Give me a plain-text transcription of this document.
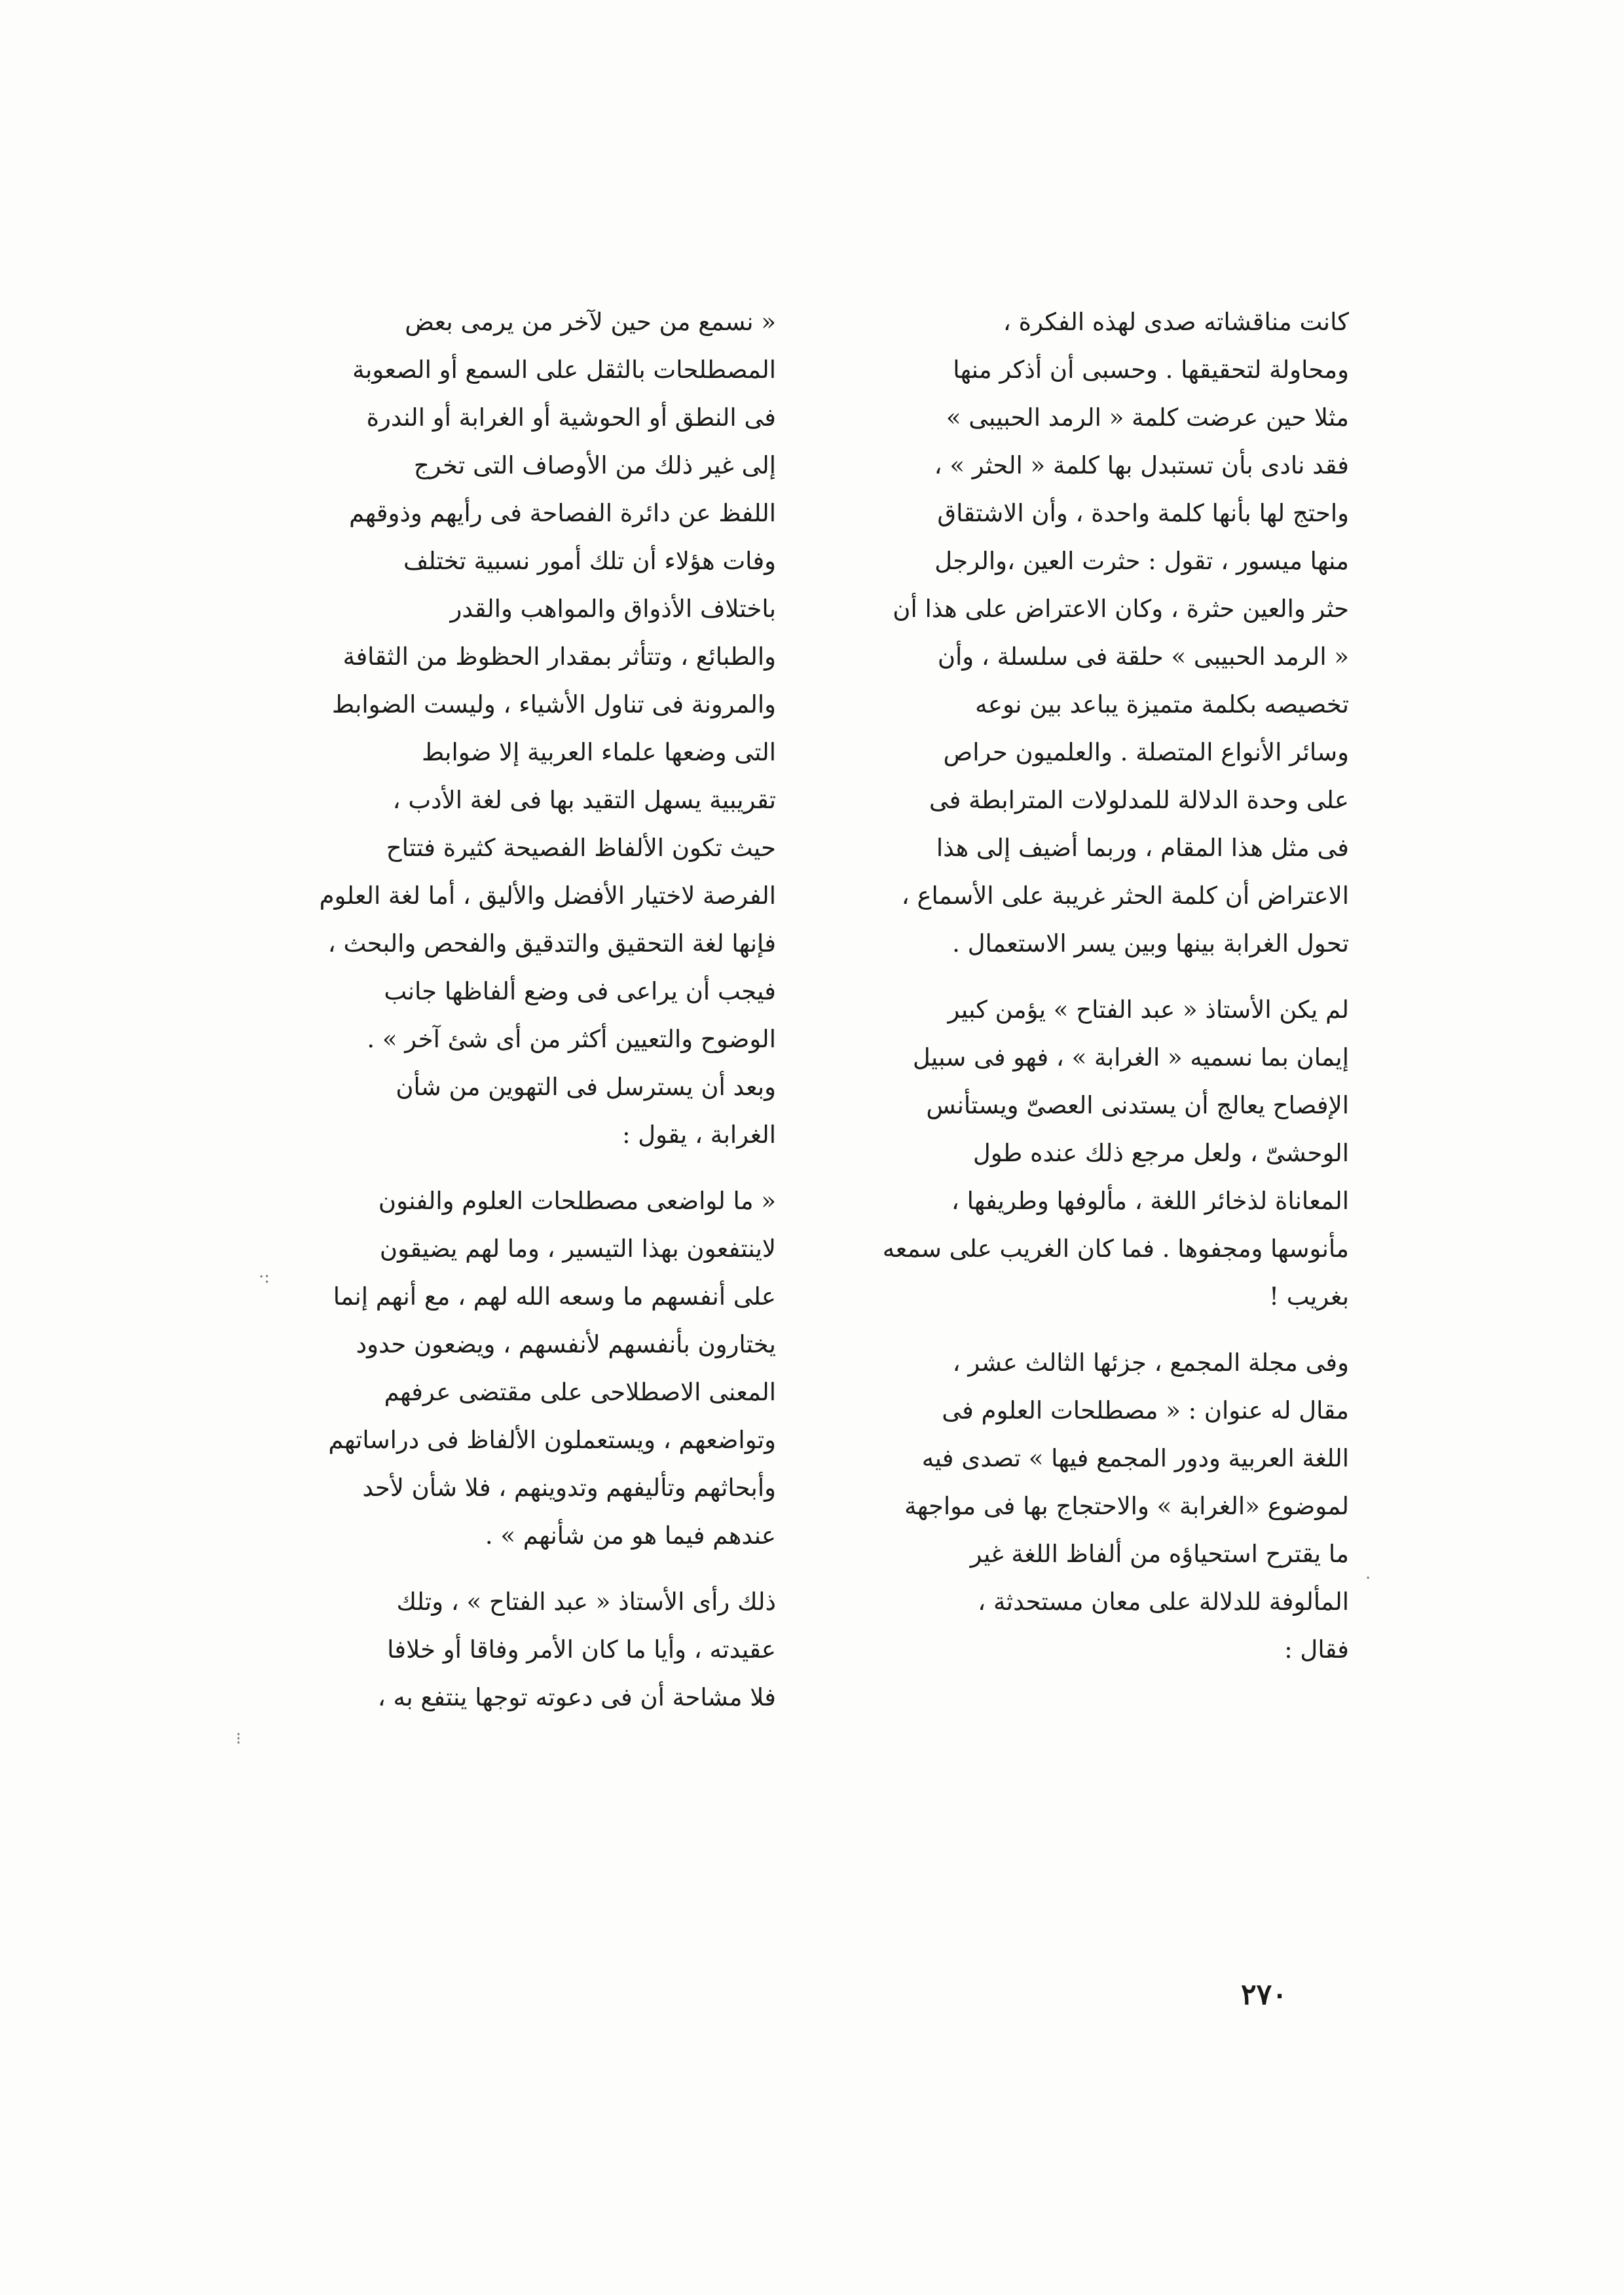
كانت مناقشاته صدى لهذه الفكرة ،
ومحاولة لتحقيقها . وحسبى أن أذكر منها
مثلا حين عرضت كلمة « الرمد الحبيبى »
فقد نادى بأن تستبدل بها كلمة « الحثر » ،
واحتج لها بأنها كلمة واحدة ، وأن الاشتقاق
منها ميسور ، تقول : حثرت العين ،والرجل
حثر والعين حثرة ، وكان الاعتراض على هذا أن
« الرمد الحبيبى » حلقة فى سلسلة ، وأن
تخصيصه بكلمة متميزة يباعد بين نوعه
وسائر الأنواع المتصلة . والعلميون حراص
على وحدة الدلالة للمدلولات المترابطة فى
فى مثل هذا المقام ، وربما أضيف إلى هذا
الاعتراض أن كلمة الحثر غريبة على الأسماع ،
تحول الغرابة بينها وبين يسر الاستعمال .

لم يكن الأستاذ « عبد الفتاح » يؤمن كبير
إيمان بما نسميه « الغرابة » ، فهو فى سبيل
الإفصاح يعالج أن يستدنى العصىّ ويستأنس
الوحشىّ ، ولعل مرجع ذلك عنده طول
المعاناة لذخائر اللغة ، مألوفها وطريفها ،
مأنوسها ومجفوها . فما كان الغريب على سمعه
بغريب !

وفى مجلة المجمع ، جزئها الثالث عشر ،
مقال له عنوان : « مصطلحات العلوم فى
اللغة العربية ودور المجمع فيها » تصدى فيه
لموضوع «الغرابة » والاحتجاج بها فى مواجهة
ما يقترح استحياؤه من ألفاظ اللغة غير
المألوفة للدلالة على معان مستحدثة ،
فقال :

« نسمع من حين لآخر من يرمى بعض
المصطلحات بالثقل على السمع أو الصعوبة
فى النطق أو الحوشية أو الغرابة أو الندرة
إلى غير ذلك من الأوصاف التى تخرج
اللفظ عن دائرة الفصاحة فى رأيهم وذوقهم
وفات هؤلاء أن تلك أمور نسبية تختلف
باختلاف الأذواق والمواهب والقدر
والطبائع ، وتتأثر بمقدار الحظوظ من الثقافة
والمرونة فى تناول الأشياء ، وليست الضوابط
التى وضعها علماء العربية إلا ضوابط
تقريبية يسهل التقيد بها فى لغة الأدب ،
حيث تكون الألفاظ الفصيحة كثيرة فتتاح
الفرصة لاختيار الأفضل والأليق ، أما لغة العلوم
فإنها لغة التحقيق والتدقيق والفحص والبحث ،
فيجب أن يراعى فى وضع ألفاظها جانب
الوضوح والتعيين أكثر من أى شئ آخر » .
وبعد أن يسترسل فى التهوين من شأن
الغرابة ، يقول :

« ما لواضعى مصطلحات العلوم والفنون
لاينتفعون بهذا التيسير ، وما لهم يضيقون
على أنفسهم ما وسعه الله لهم ، مع أنهم إنما
يختارون بأنفسهم لأنفسهم ، ويضعون حدود
المعنى الاصطلاحى على مقتضى عرفهم
وتواضعهم ، ويستعملون الألفاظ فى دراساتهم
وأبحاثهم وتأليفهم وتدوينهم ، فلا شأن لأحد
عندهم فيما هو من شأنهم » .

ذلك رأى الأستاذ « عبد الفتاح » ، وتلك
عقيدته ، وأيا ما كان الأمر وفاقا أو خلافا
فلا مشاحة أن فى دعوته توجها ينتفع به ،

٢٧٠
·:
·
⁝
